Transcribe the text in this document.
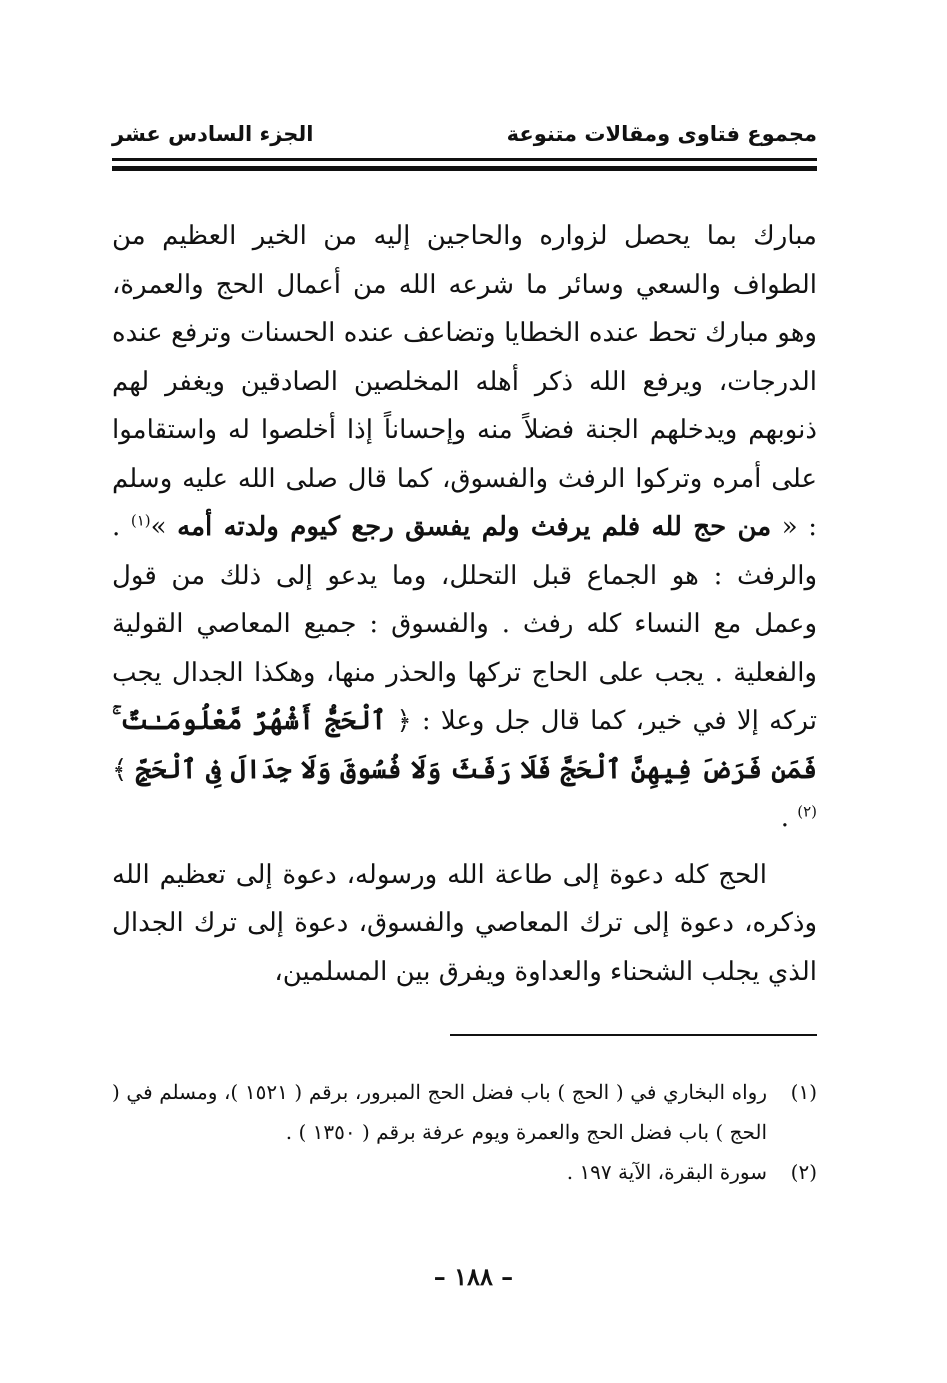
مجموع فتاوى ومقالات متنوعة
الجزء السادس عشر

مبارك بما يحصل لزواره والحاجين إليه من الخير العظيم من الطواف والسعي وسائر ما شرعه الله من أعمال الحج والعمرة، وهو مبارك تحط عنده الخطايا وتضاعف عنده الحسنات وترفع عنده الدرجات، ويرفع الله ذكر أهله المخلصين الصادقين ويغفر لهم ذنوبهم ويدخلهم الجنة فضلاً منه وإحساناً إذا أخلصوا له واستقاموا على أمره وتركوا الرفث والفسوق، كما قال صلى الله عليه وسلم : « من حج لله فلم يرفث ولم يفسق رجع كيوم ولدته أمه »$^{(١)}$ . والرفث : هو الجماع قبل التحلل، وما يدعو إلى ذلك من قول وعمل مع النساء كله رفث . والفسوق : جميع المعاصي القولية والفعلية . يجب على الحاج تركها والحذر منها، وهكذا الجدال يجب تركه إلا في خير، كما قال جل وعلا : ﴿ ٱلْحَجُّ أَشْهُرٌ مَّعْلُومَـٰتٌ ۚ فَمَن فَرَضَ فِيهِنَّ ٱلْحَجَّ فَلَا رَفَثَ وَلَا فُسُوقَ وَلَا جِدَالَ فِى ٱلْحَجِّ ﴾$^{(٢)}$ .

الحج كله دعوة إلى طاعة الله ورسوله، دعوة إلى تعظيم الله وذكره، دعوة إلى ترك المعاصي والفسوق، دعوة إلى ترك الجدال الذي يجلب الشحناء والعداوة ويفرق بين المسلمين،

(١)
رواه البخاري في ( الحج ) باب فضل الحج المبرور، برقم ( ١٥٢١ )، ومسلم في ( الحج ) باب فضل الحج والعمرة ويوم عرفة برقم ( ١٣٥٠ ) .
(٢)
سورة البقرة، الآية ١٩٧ .
– ١٨٨ –
